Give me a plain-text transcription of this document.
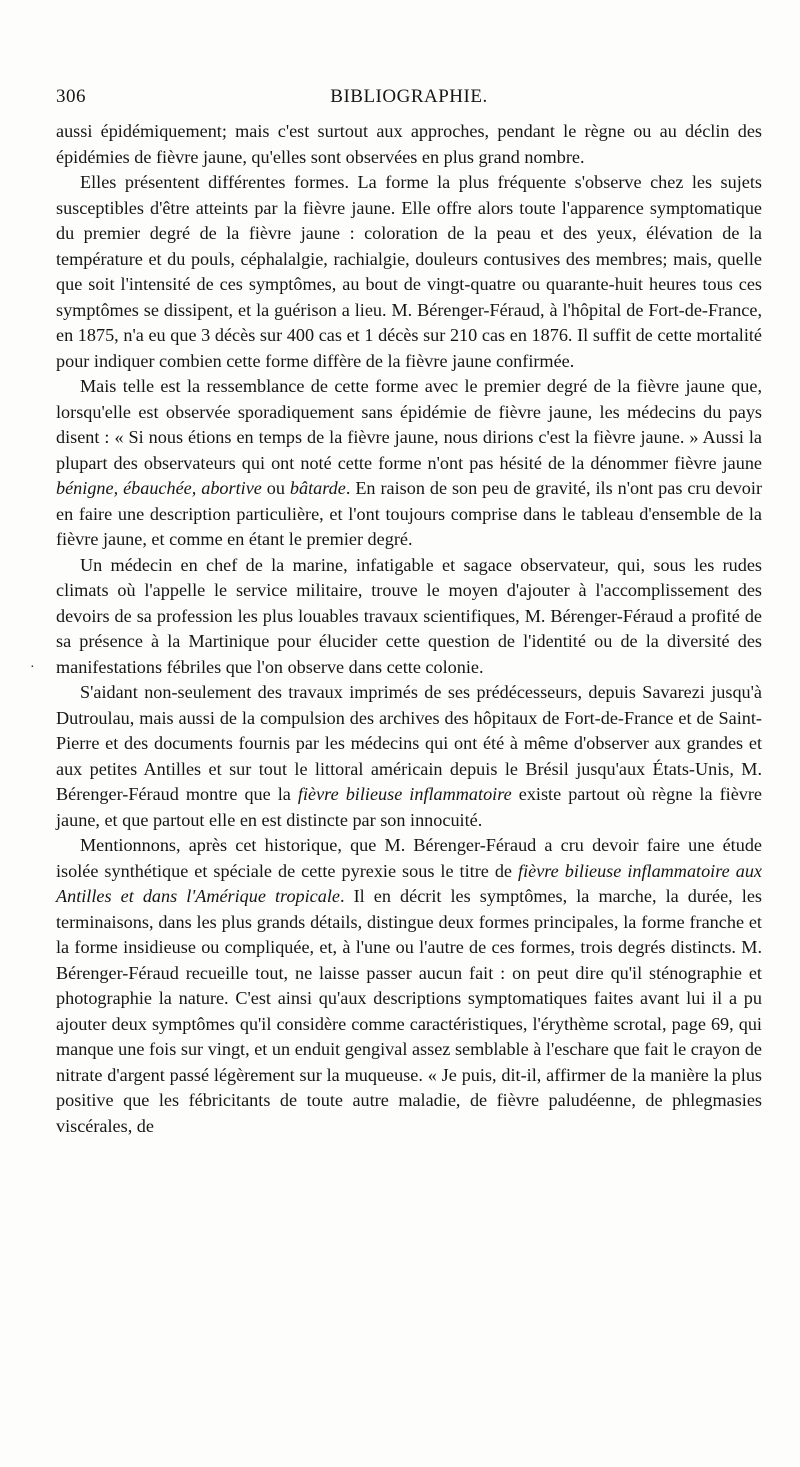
306	BIBLIOGRAPHIE.
·

aussi épidémiquement; mais c'est surtout aux approches, pendant le règne ou au déclin des épidémies de fièvre jaune, qu'elles sont observées en plus grand nombre.

Elles présentent différentes formes. La forme la plus fréquente s'observe chez les sujets susceptibles d'être atteints par la fièvre jaune. Elle offre alors toute l'apparence symptomatique du premier degré de la fièvre jaune : coloration de la peau et des yeux, élévation de la température et du pouls, céphalalgie, rachialgie, douleurs contusives des membres; mais, quelle que soit l'intensité de ces symptômes, au bout de vingt-quatre ou quarante-huit heures tous ces symptômes se dissipent, et la guérison a lieu. M. Bérenger-Féraud, à l'hôpital de Fort-de-France, en 1875, n'a eu que 3 décès sur 400 cas et 1 décès sur 210 cas en 1876. Il suffit de cette mortalité pour indiquer combien cette forme diffère de la fièvre jaune confirmée.

Mais telle est la ressemblance de cette forme avec le premier degré de la fièvre jaune que, lorsqu'elle est observée sporadiquement sans épidémie de fièvre jaune, les médecins du pays disent : « Si nous étions en temps de la fièvre jaune, nous dirions c'est la fièvre jaune. » Aussi la plupart des observateurs qui ont noté cette forme n'ont pas hésité de la dénommer fièvre jaune bénigne, ébauchée, abortive ou bâtarde. En raison de son peu de gravité, ils n'ont pas cru devoir en faire une description particulière, et l'ont toujours comprise dans le tableau d'ensemble de la fièvre jaune, et comme en étant le premier degré.

Un médecin en chef de la marine, infatigable et sagace observateur, qui, sous les rudes climats où l'appelle le service militaire, trouve le moyen d'ajouter à l'accomplissement des devoirs de sa profession les plus louables travaux scientifiques, M. Bérenger-Féraud a profité de sa présence à la Martinique pour élucider cette question de l'identité ou de la diversité des manifestations fébriles que l'on observe dans cette colonie.

S'aidant non-seulement des travaux imprimés de ses prédécesseurs, depuis Savarezi jusqu'à Dutroulau, mais aussi de la compulsion des archives des hôpitaux de Fort-de-France et de Saint-Pierre et des documents fournis par les médecins qui ont été à même d'observer aux grandes et aux petites Antilles et sur tout le littoral américain depuis le Brésil jusqu'aux États-Unis, M. Bérenger-Féraud montre que la fièvre bilieuse inflammatoire existe partout où règne la fièvre jaune, et que partout elle en est distincte par son innocuité.

Mentionnons, après cet historique, que M. Bérenger-Féraud a cru devoir faire une étude isolée synthétique et spéciale de cette pyrexie sous le titre de fièvre bilieuse inflammatoire aux Antilles et dans l'Amérique tropicale. Il en décrit les symptômes, la marche, la durée, les terminaisons, dans les plus grands détails, distingue deux formes principales, la forme franche et la forme insidieuse ou compliquée, et, à l'une ou l'autre de ces formes, trois degrés distincts. M. Bérenger-Féraud recueille tout, ne laisse passer aucun fait : on peut dire qu'il sténographie et photographie la nature. C'est ainsi qu'aux descriptions symptomatiques faites avant lui il a pu ajouter deux symptômes qu'il considère comme caractéristiques, l'érythème scrotal, page 69, qui manque une fois sur vingt, et un enduit gengival assez semblable à l'eschare que fait le crayon de nitrate d'argent passé légèrement sur la muqueuse. « Je puis, dit-il, affirmer de la manière la plus positive que les fébricitants de toute autre maladie, de fièvre paludéenne, de phlegmasies viscérales, de
